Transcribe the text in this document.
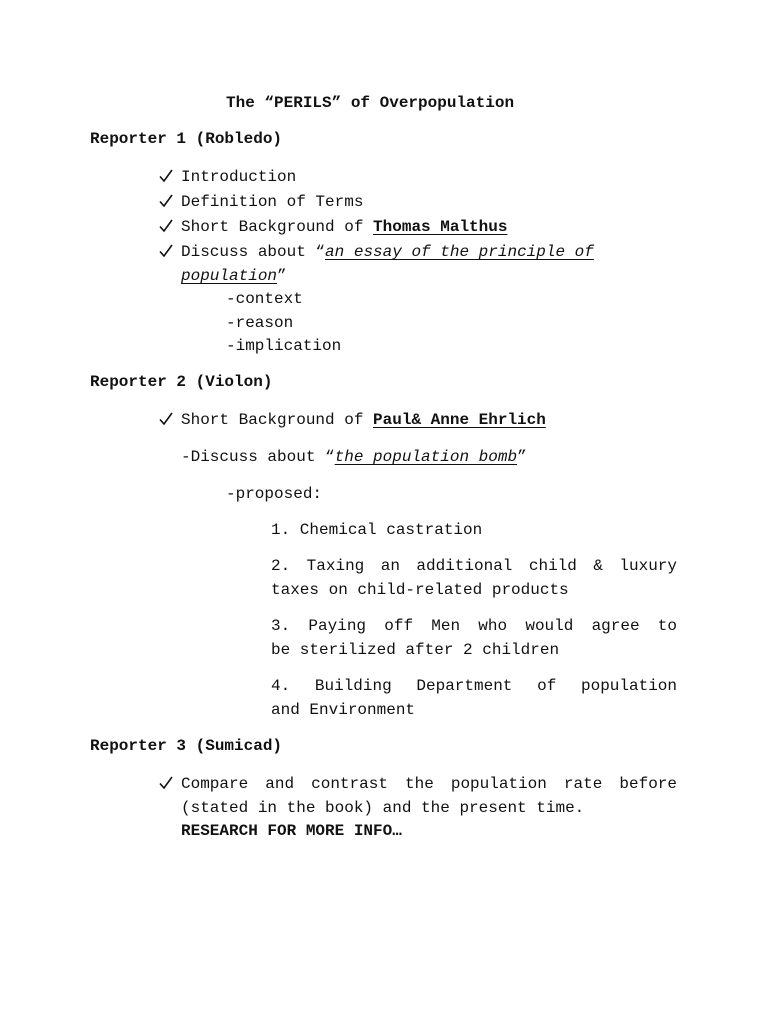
The “PERILS” of Overpopulation
Reporter 1 (Robledo)
Introduction
Definition of Terms
Short Background of Thomas Malthus
Discuss about “an essay of the principle of
population”
-context
-reason
-implication
Reporter 2 (Violon)
Short Background of Paul& Anne Ehrlich
-Discuss about “the population bomb”
-proposed:
1. Chemical castration
2. Taxing an additional child & luxury
taxes on child-related products
3. Paying off Men who would agree to
be sterilized after 2 children
4. Building Department of population
and Environment
Reporter 3 (Sumicad)
Compare and contrast the population rate before
(stated in the book) and the present time.
RESEARCH FOR MORE INFO…
